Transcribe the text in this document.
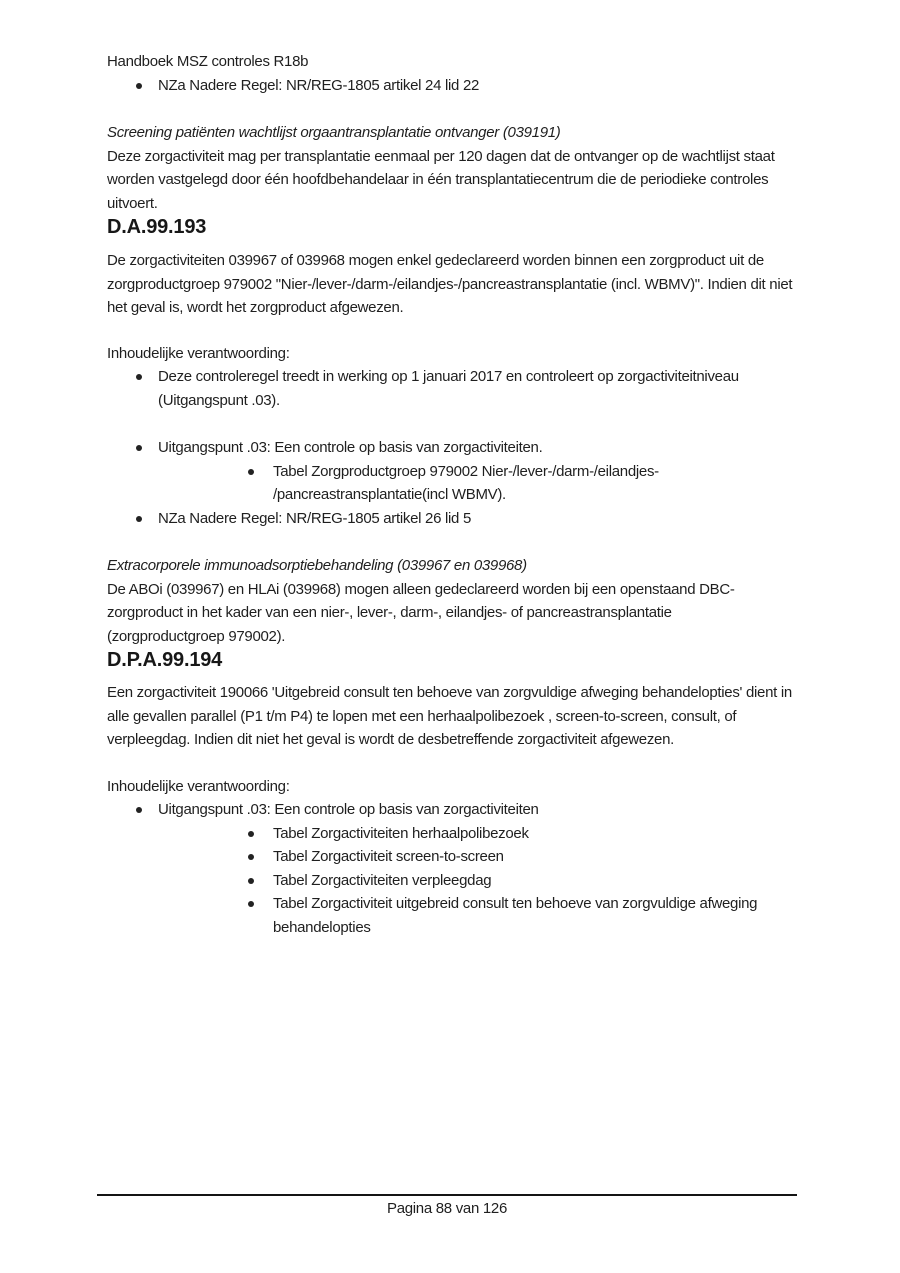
Handboek MSZ controles R18b
NZa Nadere Regel: NR/REG-1805 artikel 24 lid 22
Screening patiënten wachtlijst orgaantransplantatie ontvanger (039191)

Deze zorgactiviteit mag per transplantatie eenmaal per 120 dagen dat de ontvanger op de wachtlijst staat worden vastgelegd door één hoofdbehandelaar in één transplantatiecentrum die de periodieke controles uitvoert.

D.A.99.193

De zorgactiviteiten 039967 of 039968 mogen enkel gedeclareerd worden binnen een zorgproduct uit de zorgproductgroep 979002 "Nier-/lever-/darm-/eilandjes-/pancreastransplantatie (incl. WBMV)". Indien dit niet het geval is, wordt het zorgproduct afgewezen.

Inhoudelijke verantwoording:

Deze controleregel treedt in werking op 1 januari 2017 en controleert op zorgactiviteitniveau (Uitgangspunt .03).
Uitgangspunt .03: Een controle op basis van zorgactiviteiten.
Tabel Zorgproductgroep 979002 Nier-/lever-/darm-/eilandjes- /pancreastransplantatie(incl WBMV).
NZa Nadere Regel: NR/REG-1805 artikel 26 lid 5
Extracorporele immunoadsorptiebehandeling (039967 en 039968)

De ABOi (039967) en HLAi (039968) mogen alleen gedeclareerd worden bij een openstaand DBC-zorgproduct in het kader van een nier-, lever-, darm-, eilandjes- of pancreastransplantatie (zorgproductgroep 979002).

D.P.A.99.194

Een zorgactiviteit 190066 'Uitgebreid consult ten behoeve van zorgvuldige afweging behandelopties' dient in alle gevallen parallel (P1 t/m P4) te lopen met een herhaalpolibezoek , screen-to-screen, consult, of verpleegdag. Indien dit niet het geval is wordt de desbetreffende zorgactiviteit afgewezen.

Inhoudelijke verantwoording:

Uitgangspunt .03: Een controle op basis van zorgactiviteiten
Tabel Zorgactiviteiten herhaalpolibezoek
Tabel Zorgactiviteit screen-to-screen
Tabel Zorgactiviteiten verpleegdag
Tabel Zorgactiviteit uitgebreid consult ten behoeve van zorgvuldige afweging behandelopties
Pagina 88 van 126
